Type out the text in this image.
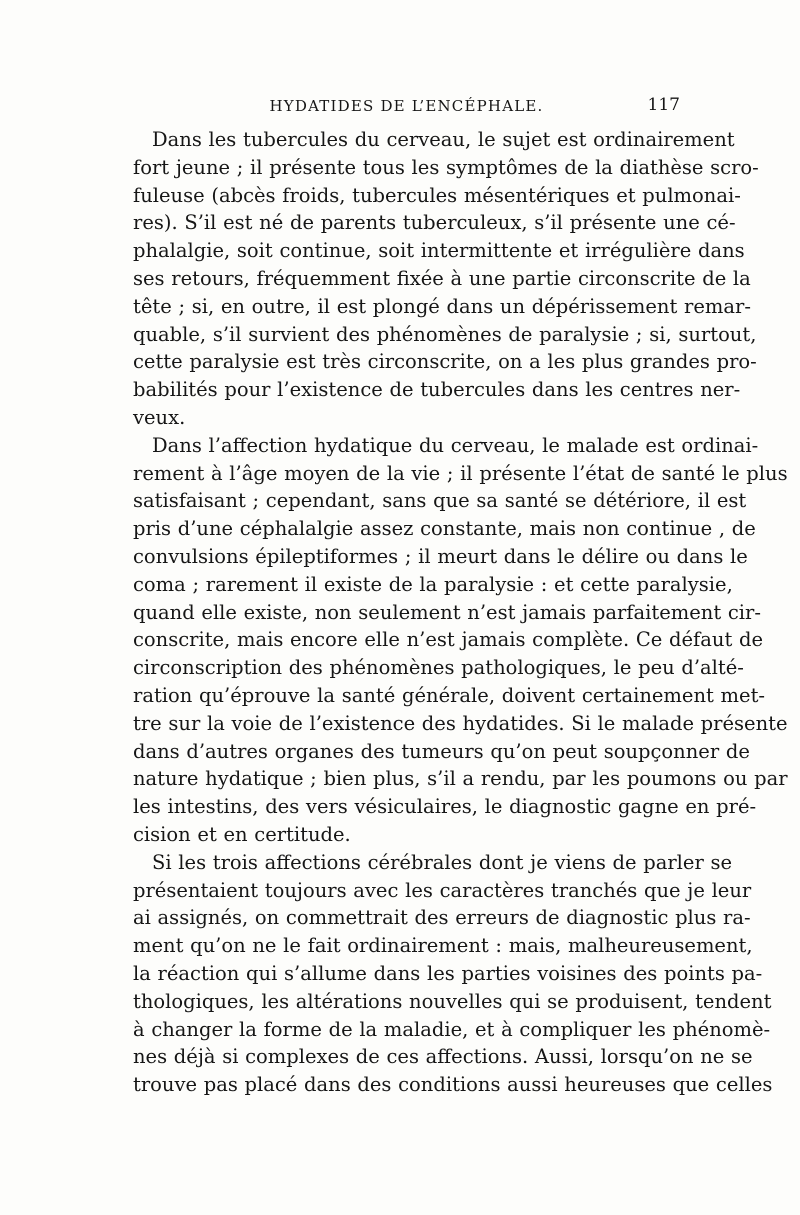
HYDATIDES DE L’ENCÉPHALE.	117
Dans les tubercules du cerveau, le sujet est ordinairement
fort jeune ; il présente tous les symptômes de la diathèse scro-
fuleuse (abcès froids, tubercules mésentériques et pulmonai-
res). S’il est né de parents tuberculeux, s’il présente une cé-
phalalgie, soit continue, soit intermittente et irrégulière dans
ses retours, fréquemment fixée à une partie circonscrite de la
tête ; si, en outre, il est plongé dans un dépérissement remar-
quable, s’il survient des phénomènes de paralysie ; si, surtout,
cette paralysie est très circonscrite, on a les plus grandes pro-
babilités pour l’existence de tubercules dans les centres ner-
veux.
Dans l’affection hydatique du cerveau, le malade est ordinai-
rement à l’âge moyen de la vie ; il présente l’état de santé le plus
satisfaisant ; cependant, sans que sa santé se détériore, il est
pris d’une céphalalgie assez constante, mais non continue , de
convulsions épileptiformes ; il meurt dans le délire ou dans le
coma ; rarement il existe de la paralysie : et cette paralysie,
quand elle existe, non seulement n’est jamais parfaitement cir-
conscrite, mais encore elle n’est jamais complète. Ce défaut de
circonscription des phénomènes pathologiques, le peu d’alté-
ration qu’éprouve la santé générale, doivent certainement met-
tre sur la voie de l’existence des hydatides. Si le malade présente
dans d’autres organes des tumeurs qu’on peut soupçonner de
nature hydatique ; bien plus, s’il a rendu, par les poumons ou par
les intestins, des vers vésiculaires, le diagnostic gagne en pré-
cision et en certitude.
Si les trois affections cérébrales dont je viens de parler se
présentaient toujours avec les caractères tranchés que je leur
ai assignés, on commettrait des erreurs de diagnostic plus ra-
ment qu’on ne le fait ordinairement : mais, malheureusement,
la réaction qui s’allume dans les parties voisines des points pa-
thologiques, les altérations nouvelles qui se produisent, tendent
à changer la forme de la maladie, et à compliquer les phénomè-
nes déjà si complexes de ces affections. Aussi, lorsqu’on ne se
trouve pas placé dans des conditions aussi heureuses que celles
